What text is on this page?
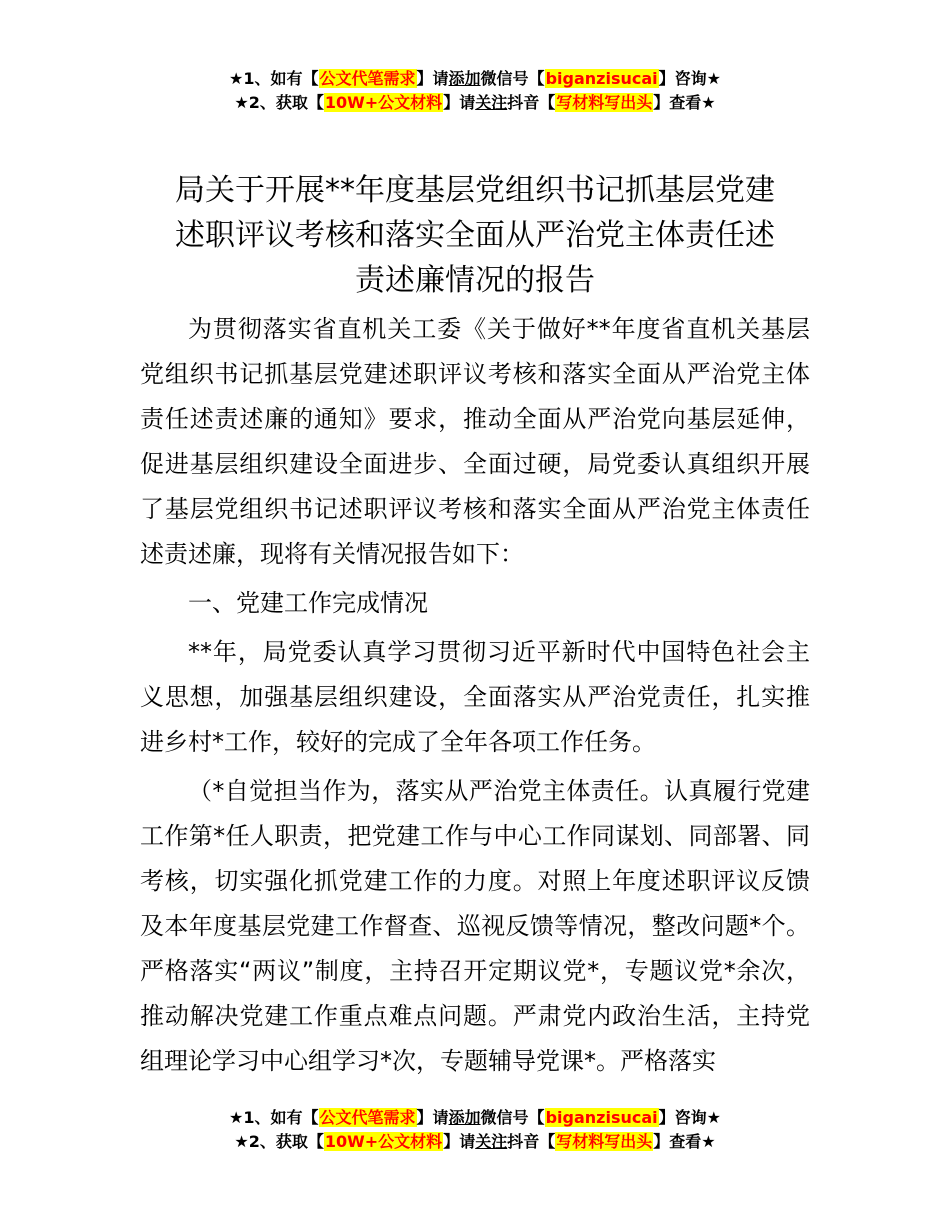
★1、如有【公文代笔需求】请添加微信号【biganzisucai】咨询★
★2、获取【10W+公文材料】请关注抖音【写材料写出头】查看★
局关于开展**年度基层党组织书记抓基层党建
述职评议考核和落实全面从严治党主体责任述
责述廉情况的报告

为贯彻落实省直机关工委《关于做好**年度省直机关基层党组织书记抓基层党建述职评议考核和落实全面从严治党主体责任述责述廉的通知》要求，推动全面从严治党向基层延伸，促进基层组织建设全面进步、全面过硬，局党委认真组织开展了基层党组织书记述职评议考核和落实全面从严治党主体责任述责述廉，现将有关情况报告如下：

一、党建工作完成情况

**年，局党委认真学习贯彻习近平新时代中国特色社会主义思想，加强基层组织建设，全面落实从严治党责任，扎实推进乡村*工作，较好的完成了全年各项工作任务。

（*自觉担当作为，落实从严治党主体责任。认真履行党建工作第*任人职责，把党建工作与中心工作同谋划、同部署、同考核，切实强化抓党建工作的力度。对照上年度述职评议反馈及本年度基层党建工作督查、巡视反馈等情况，整改问题*个。严格落实“两议”制度，主持召开定期议党*，专题议党*余次，推动解决党建工作重点难点问题。严肃党内政治生活，主持党组理论学习中心组学习*次，专题辅导党课*。严格落实

★1、如有【公文代笔需求】请添加微信号【biganzisucai】咨询★
★2、获取【10W+公文材料】请关注抖音【写材料写出头】查看★
